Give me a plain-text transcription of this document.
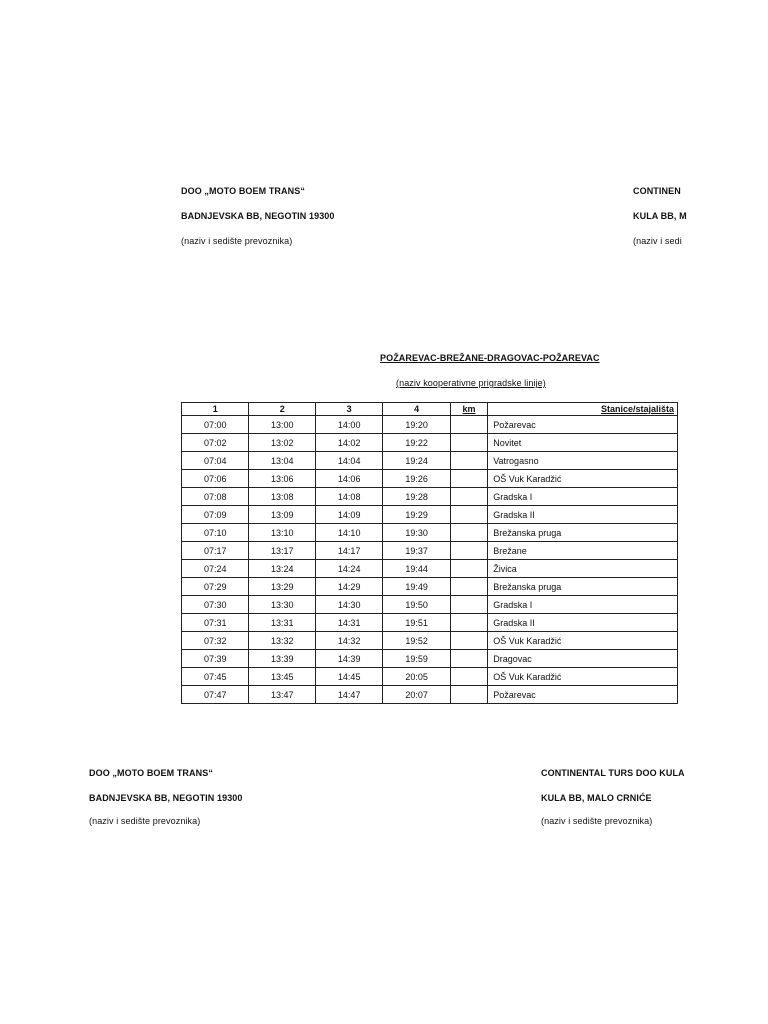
DOO „MOTO BOEM TRANS“
BADNJEVSKA BB, NEGOTIN 19300
(naziv i sedište prevoznika)
CONTINEN
KULA BB, M
(naziv i sedi
POŽAREVAC-BREŽANE-DRAGOVAC-POŽAREVAC
(naziv kooperativne prigradske linije)
1	2	3	4	km	Stanice/stajališta
07:00	13:00	14:00	19:20		Požarevac
07:02	13:02	14:02	19:22		Novitet
07:04	13:04	14:04	19:24		Vatrogasno
07:06	13:06	14:06	19:26		OŠ Vuk Karadžić
07:08	13:08	14:08	19:28		Gradska I
07:09	13:09	14:09	19:29		Gradska II
07:10	13:10	14:10	19:30		Brežanska pruga
07:17	13:17	14:17	19:37		Brežane
07:24	13:24	14:24	19:44		Živica
07:29	13:29	14:29	19:49		Brežanska pruga
07:30	13:30	14:30	19:50		Gradska I
07:31	13:31	14:31	19:51		Gradska II
07:32	13:32	14:32	19:52		OŠ Vuk Karadžić
07:39	13:39	14:39	19:59		Dragovac
07:45	13:45	14:45	20:05		OŠ Vuk Karadžić
07:47	13:47	14:47	20:07		Požarevac
DOO „MOTO BOEM TRANS“
BADNJEVSKA BB, NEGOTIN 19300
(naziv i sedište prevoznika)
CONTINENTAL TURS DOO KULA
KULA BB, MALO CRNIĆE
(naziv i sedište prevoznika)
